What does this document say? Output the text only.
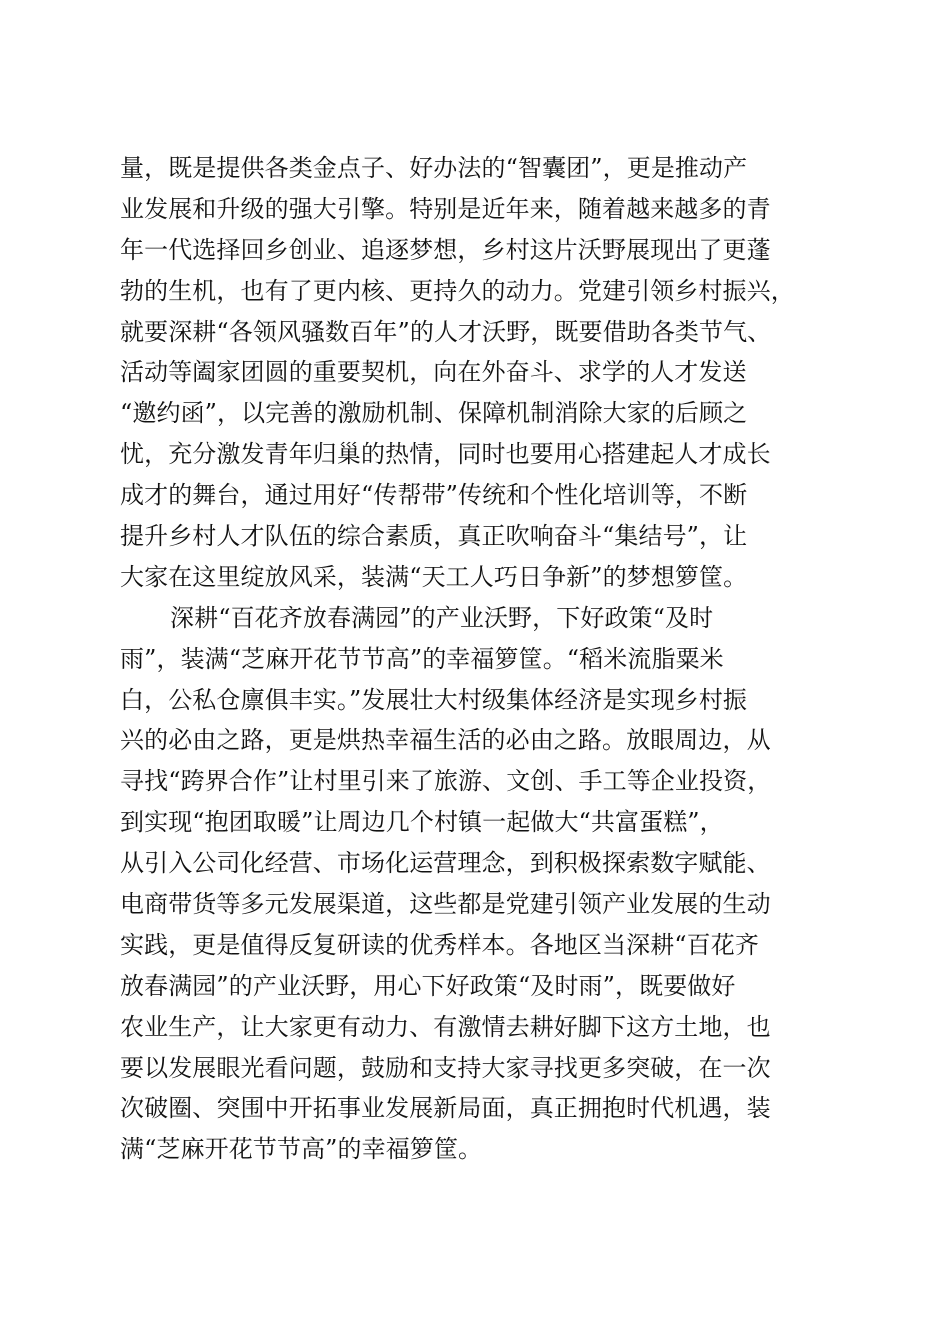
量，既是提供各类金点子、好办法的“智囊团”，更是推动产
业发展和升级的强大引擎。特别是近年来，随着越来越多的青
年一代选择回乡创业、追逐梦想，乡村这片沃野展现出了更蓬
勃的生机，也有了更内核、更持久的动力。党建引领乡村振兴，
就要深耕“各领风骚数百年”的人才沃野，既要借助各类节气、
活动等阖家团圆的重要契机，向在外奋斗、求学的人才发送
“邀约函”，以完善的激励机制、保障机制消除大家的后顾之
忧，充分激发青年归巢的热情，同时也要用心搭建起人才成长
成才的舞台，通过用好“传帮带”传统和个性化培训等，不断
提升乡村人才队伍的综合素质，真正吹响奋斗“集结号”，让
大家在这里绽放风采，装满“天工人巧日争新”的梦想箩筐。
深耕“百花齐放春满园”的产业沃野，下好政策“及时
雨”，装满“芝麻开花节节高”的幸福箩筐。“稻米流脂粟米
白，公私仓廪俱丰实。”发展壮大村级集体经济是实现乡村振
兴的必由之路，更是烘热幸福生活的必由之路。放眼周边，从
寻找“跨界合作”让村里引来了旅游、文创、手工等企业投资，
到实现“抱团取暖”让周边几个村镇一起做大“共富蛋糕”，
从引入公司化经营、市场化运营理念，到积极探索数字赋能、
电商带货等多元发展渠道，这些都是党建引领产业发展的生动
实践，更是值得反复研读的优秀样本。各地区当深耕“百花齐
放春满园”的产业沃野，用心下好政策“及时雨”，既要做好
农业生产，让大家更有动力、有激情去耕好脚下这方土地，也
要以发展眼光看问题，鼓励和支持大家寻找更多突破，在一次
次破圈、突围中开拓事业发展新局面，真正拥抱时代机遇，装
满“芝麻开花节节高”的幸福箩筐。
